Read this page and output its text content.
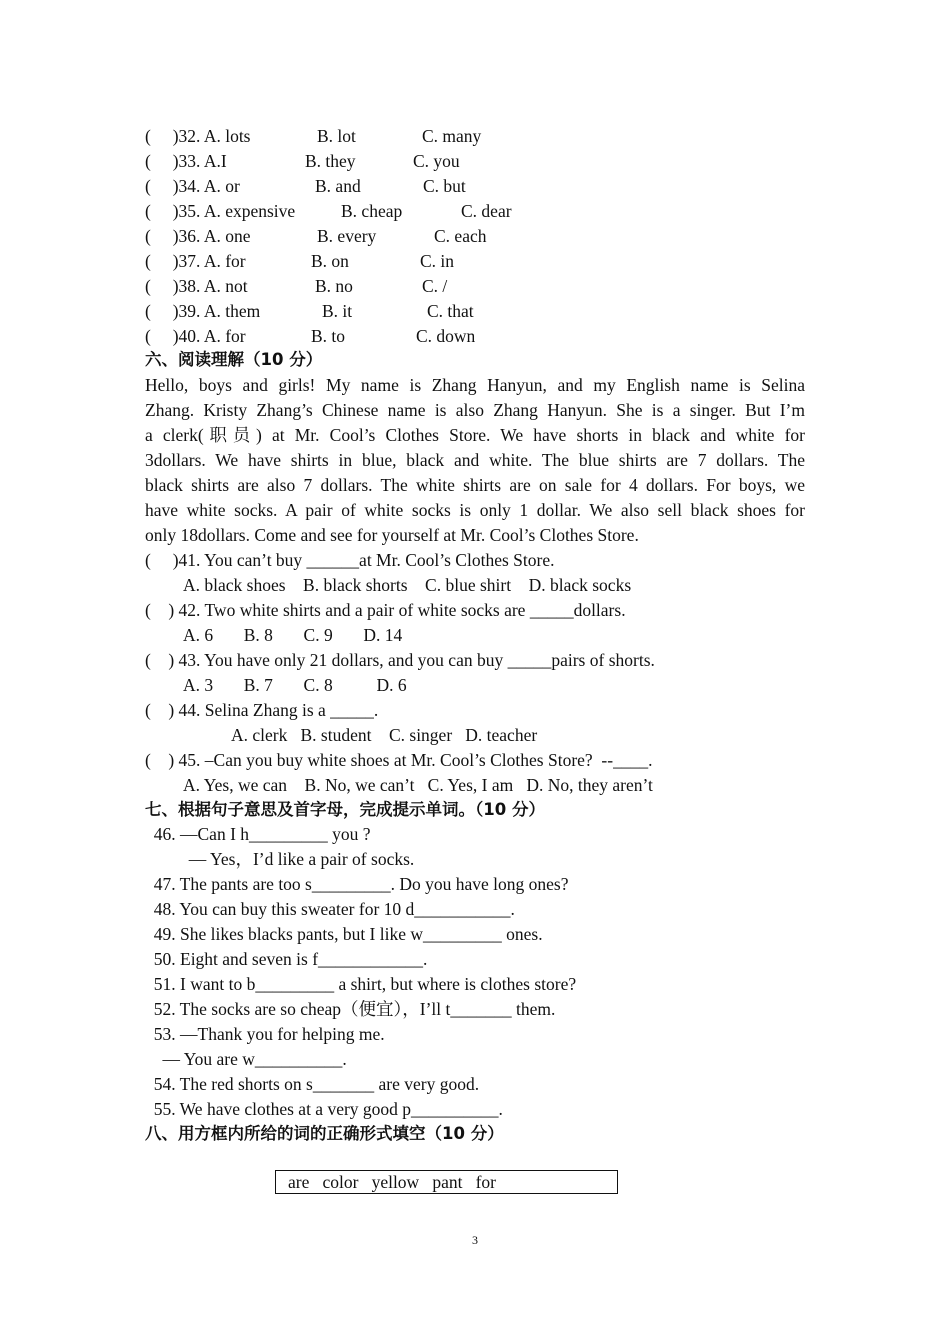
(     )32. A. lots	B. lot	C. many
(     )33. A.I	B. they	C. you
(     )34. A. or	B. and	C. but
(     )35. A. expensive	B. cheap	C. dear
(     )36. A. one	B. every	C. each
(     )37. A. for	B. on	C. in
(     )38. A. not	B. no	C. /
(     )39. A. them	B. it	C. that
(     )40. A. for	B. to	C. down
六、阅读理解（10 分）
Hello, boys and girls! My name is Zhang Hanyun, and my English name is Selina
Zhang. Kristy Zhang’s Chinese name is also Zhang Hanyun. She is a singer. But I’m
a clerk(职员) at Mr. Cool’s Clothes Store. We have shorts in black and white for
3dollars. We have shirts in blue, black and white. The blue shirts are 7 dollars. The
black shirts are also 7 dollars. The white shirts are on sale for 4 dollars. For boys, we
have white socks. A pair of white socks is only 1 dollar. We also sell black shoes for
only 18dollars. Come and see for yourself at Mr. Cool’s Clothes Store.
(     )41. You can’t buy ______at Mr. Cool’s Clothes Store.
A. black shoes    B. black shorts    C. blue shirt    D. black socks
(    ) 42. Two white shirts and a pair of white socks are _____dollars.
A. 6       B. 8       C. 9       D. 14
(    ) 43. You have only 21 dollars, and you can buy _____pairs of shorts.
A. 3       B. 7       C. 8          D. 6
(    ) 44. Selina Zhang is a _____.
A. clerk   B. student    C. singer   D. teacher
(    ) 45. –Can you buy white shoes at Mr. Cool’s Clothes Store?  --____.
A. Yes, we can    B. No, we can’t   C. Yes, I am   D. No, they aren’t
七、根据句子意思及首字母，完成提示单词。（10 分）
46. —Can I h_________ you ?
— Yes，I’d like a pair of socks.
47. The pants are too s_________. Do you have long ones?
48. You can buy this sweater for 10 d___________.
49. She likes blacks pants, but I like w_________ ones.
50. Eight and seven is f____________.
51. I want to b_________ a shirt, but where is clothes store?
52. The socks are so cheap（便宜），I’ll t_______ them.
53. —Thank you for helping me.
— You are w__________.
54. The red shorts on s_______ are very good.
55. We have clothes at a very good p__________.
八、用方框内所给的词的正确形式填空（10 分）
are   color   yellow   pant   for
3
